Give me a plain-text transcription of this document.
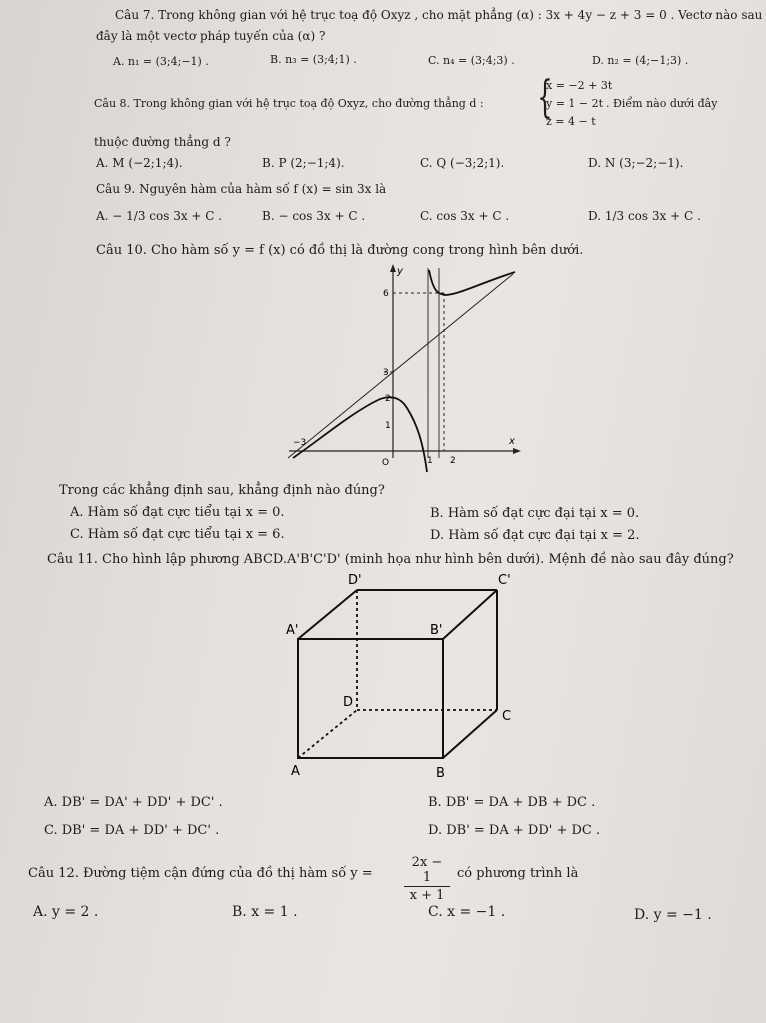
Câu 7. Trong không gian với hệ trục toạ độ Oxyz , cho mặt phẳng (α) : 3x + 4y − z + 3 = 0 . Vectơ nào sau
đây là một vectơ pháp tuyến của (α) ?
A. n₁ = (3;4;−1) .	B. n₃ = (3;4;1) .	C. n₄ = (3;4;3) .	D. n₂ = (4;−1;3) .
Câu 8. Trong không gian với hệ trục toạ độ Oxyz, cho đường thẳng d : {
x = −2 + 3t
y = 1 − 2t
z = 4 − t
. Điểm nào dưới đây
thuộc đường thẳng d ?
A. M (−2;1;4).	B. P (2;−1;4).	C. Q (−3;2;1).	D. N (3;−2;−1).
Câu 9. Nguyên hàm của hàm số f (x) = sin 3x là
A. − 1/3 cos 3x + C .	B. − cos 3x + C .	C. cos 3x + C .	D. 1/3 cos 3x + C .
Câu 10. Cho hàm số y = f (x) có đồ thị là đường cong trong hình bên dưới.
y
x
O
6
3
2
1
−3
1 2
Trong các khẳng định sau, khẳng định nào đúng?
A. Hàm số đạt cực tiểu tại x = 0.	B. Hàm số đạt cực đại tại x = 0.
C. Hàm số đạt cực tiểu tại x = 6.	D. Hàm số đạt cực đại tại x = 2.
Câu 11. Cho hình lập phương ABCD.A'B'C'D' (minh họa như hình bên dưới). Mệnh đề nào sau đây đúng?
D'	C'
A'	B'
D
C
A	B
A. DB' = DA' + DD' + DC' .	B. DB' = DA + DB + DC .
C. DB' = DA + DD' + DC' .	D. DB' = DA + DD' + DC .
Câu 12. Đường tiệm cận đứng của đồ thị hàm số $y = \frac{2x - 1}{x + 1}$ có phương trình là
A. y = 2 .	B. x = 1 .	C. x = −1 .	D. y = −1 .
